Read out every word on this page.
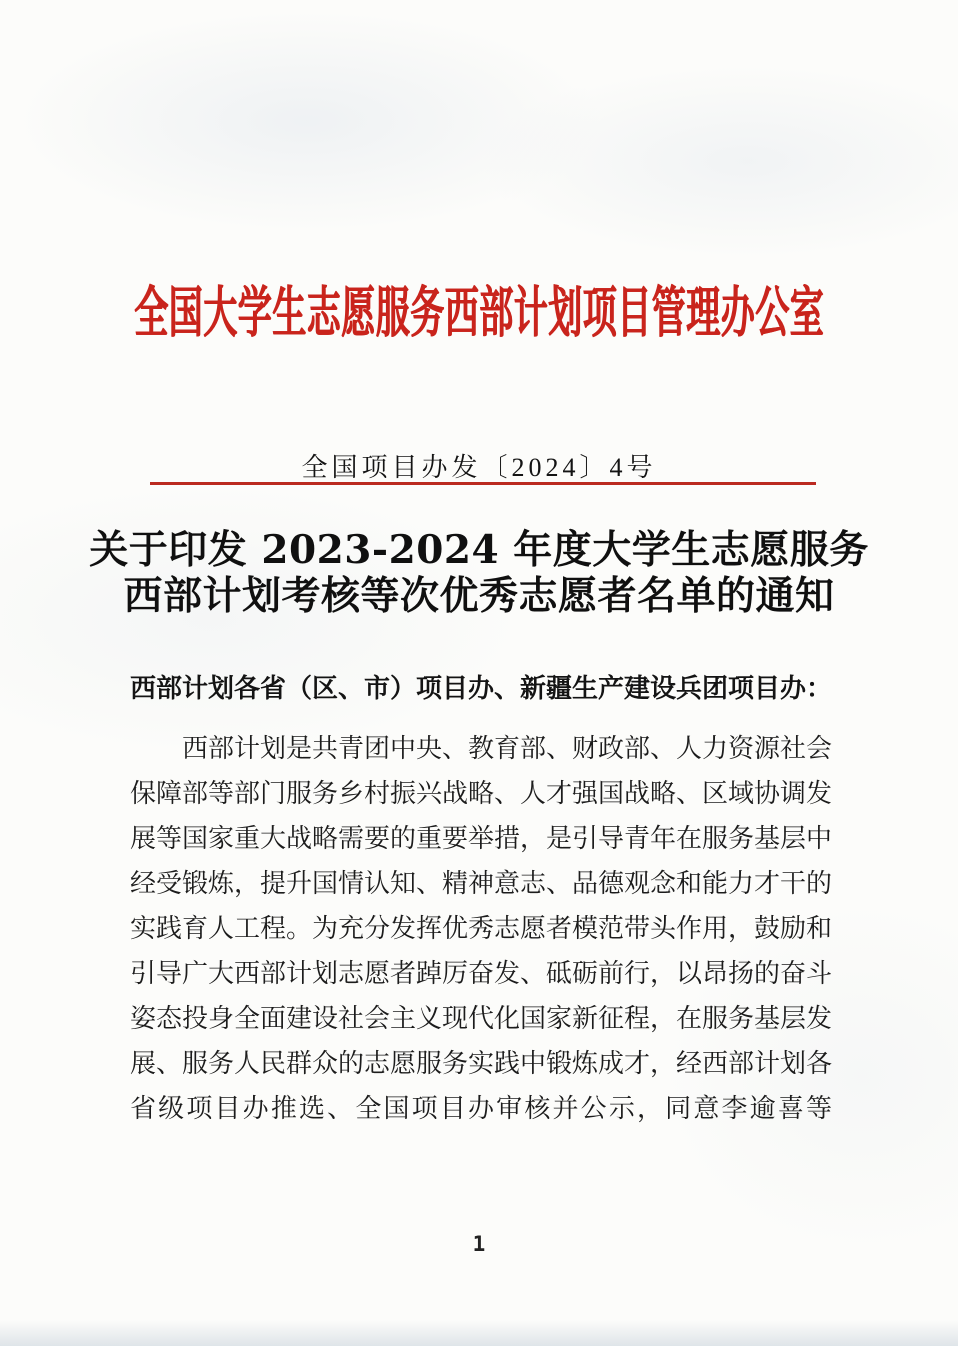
全国大学生志愿服务西部计划项目管理办公室
全国项目办发〔2024〕4号
关于印发 2023-2024 年度大学生志愿服务
西部计划考核等次优秀志愿者名单的通知

西部计划各省（区、市）项目办、新疆生产建设兵团项目办：

西部计划是共青团中央、教育部、财政部、人力资源社会
保障部等部门服务乡村振兴战略、人才强国战略、区域协调发
展等国家重大战略需要的重要举措，是引导青年在服务基层中
经受锻炼，提升国情认知、精神意志、品德观念和能力才干的
实践育人工程。为充分发挥优秀志愿者模范带头作用，鼓励和
引导广大西部计划志愿者踔厉奋发、砥砺前行，以昂扬的奋斗
姿态投身全面建设社会主义现代化国家新征程，在服务基层发
展、服务人民群众的志愿服务实践中锻炼成才，经西部计划各
省级项目办推选、全国项目办审核并公示，同意李逾喜等
1
